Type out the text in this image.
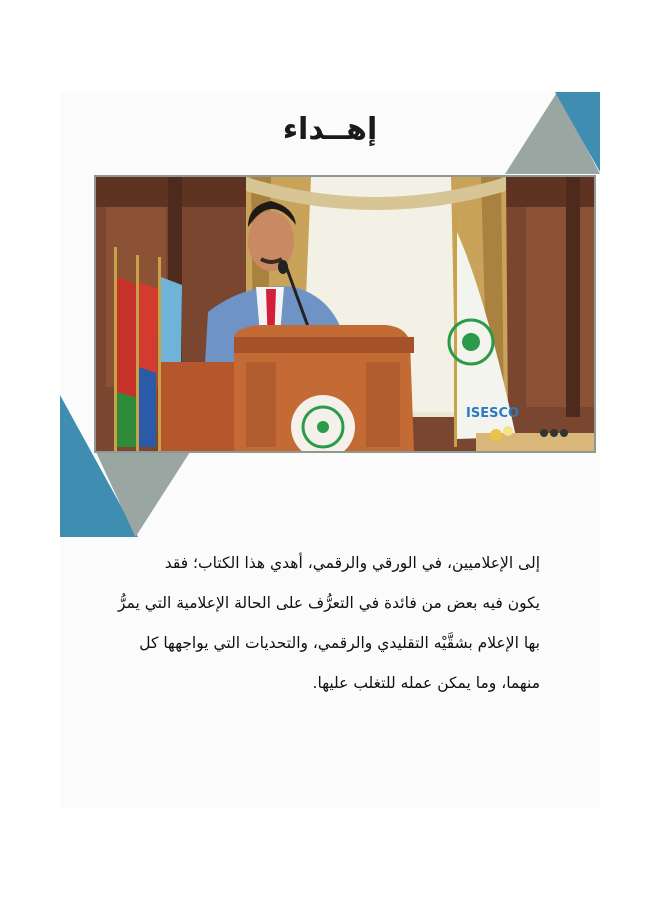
إهــداء
ISESCO

إلى الإعلاميين، في الورقي والرقمي، أهدي هذا الكتاب؛ فقد

يكون فيه بعض من فائدة في التعرُّف على الحالة الإعلامية التي يمرُّ

بها الإعلام بشقَّيْه التقليدي والرقمي، والتحديات التي يواجهها كل

منهما، وما يمكن عمله للتغلب عليها.
